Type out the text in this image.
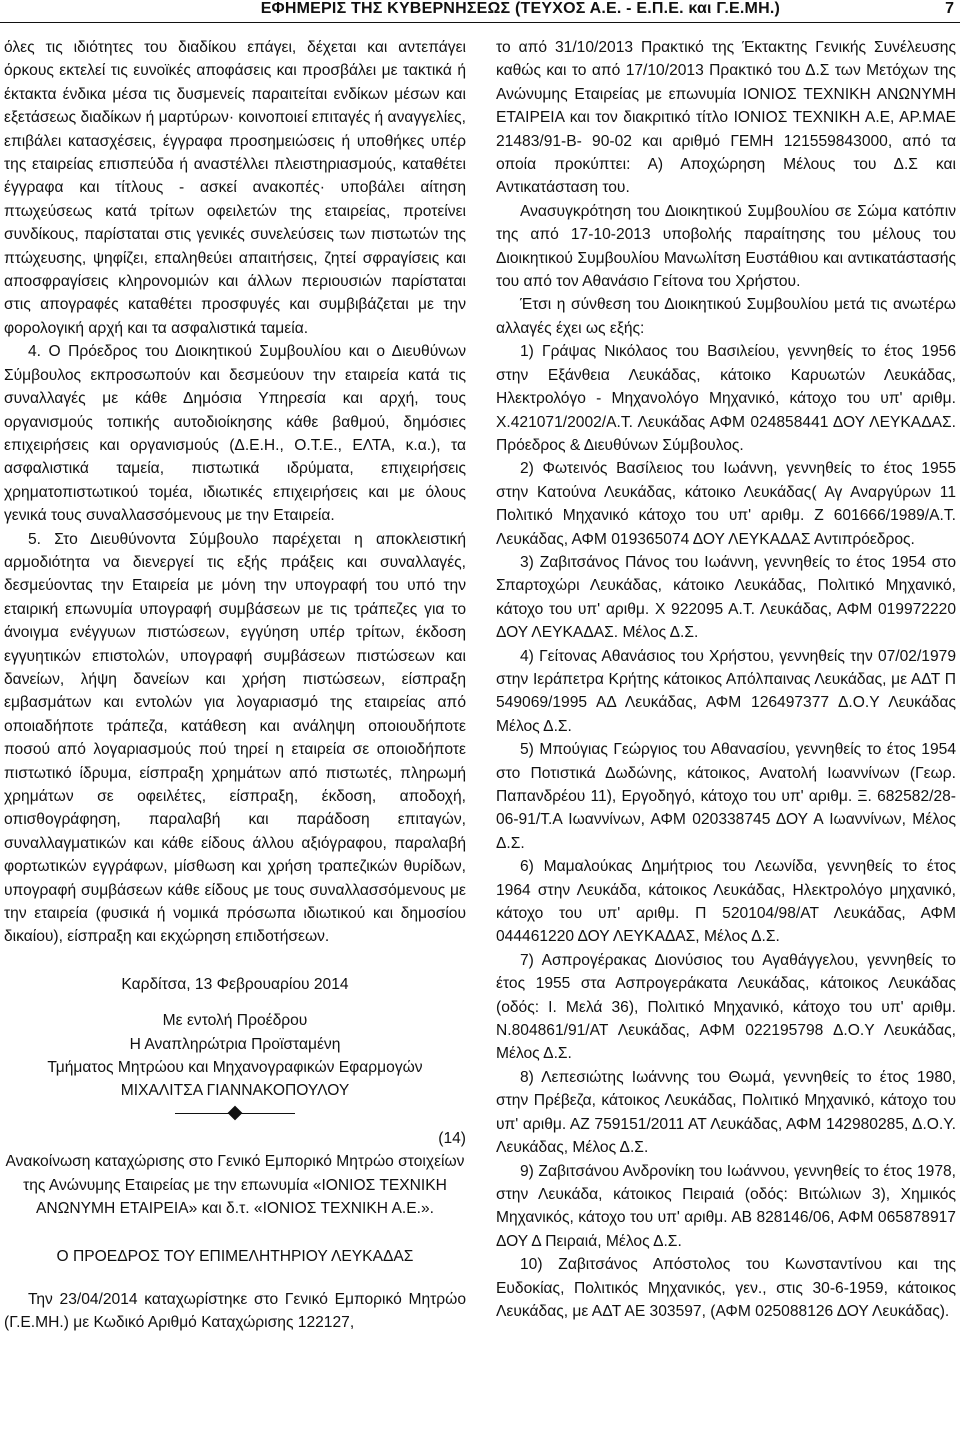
ΕΦΗΜΕΡΙΣ ΤΗΣ ΚΥΒΕΡΝΗΣΕΩΣ (ΤΕΥΧΟΣ Α.Ε. - Ε.Π.Ε. και Γ.Ε.ΜΗ.)	7

όλες τις ιδιότητες του διαδίκου επάγει, δέχεται και αντεπάγει όρκους εκτελεί τις ευνοϊκές αποφάσεις και προσβάλει με τακτικά ή έκτακτα ένδικα μέσα τις δυσμενείς παραιτείται ενδίκων μέσων και εξετάσεως διαδίκων ή μαρτύρων· κοινοποιεί επιταγές ή αναγγελίες, επιβάλει κατασχέσεις, έγγραφα προσημειώσεις ή υποθήκες υπέρ της εταιρείας επισπεύδα ή αναστέλλει πλειστηριασμούς, καταθέτει έγγραφα και τίτλους - ασκεί ανακοπές· υποβάλει αίτηση πτωχεύσεως κατά τρίτων οφειλετών της εταιρείας, προτείνει συνδίκους, παρίσταται στις γενικές συνελεύσεις των πιστωτών της πτώχευσης, ψηφίζει, επαληθεύει απαιτήσεις, ζητεί σφραγίσεις και αποσφραγίσεις κληρονομιών και άλλων περιουσιών παρίσταται στις απογραφές καταθέτει προσφυγές και συμβιβάζεται με την φορολογική αρχή και τα ασφαλιστικά ταμεία.

4. Ο Πρόεδρος του Διοικητικού Συμβουλίου και ο Διευθύνων Σύμβουλος εκπροσωπούν και δεσμεύουν την εταιρεία κατά τις συναλλαγές με κάθε Δημόσια Υπηρεσία και αρχή, τους οργανισμούς τοπικής αυτοδιοίκησης κάθε βαθμού, δημόσιες επιχειρήσεις και οργανισμούς (Δ.Ε.Η., Ο.Τ.Ε., ΕΛΤΑ, κ.α.), τα ασφαλιστικά ταμεία, πιστωτικά ιδρύματα, επιχειρήσεις χρηματοπιστωτικού τομέα, ιδιωτικές επιχειρήσεις και με όλους γενικά τους συναλλασσόμενους με την Εταιρεία.

5. Στο Διευθύνοντα Σύμβουλο παρέχεται η αποκλειστική αρμοδιότητα να διενεργεί τις εξής πράξεις και συναλλαγές, δεσμεύοντας την Εταιρεία με μόνη την υπογραφή του υπό την εταιρική επωνυμία υπογραφή συμβάσεων με τις τράπεζες για το άνοιγμα ενέγγυων πιστώσεων, εγγύηση υπέρ τρίτων, έκδοση εγγυητικών επιστολών, υπογραφή συμβάσεων πιστώσεων και δανείων, λήψη δανείων και χρήση πιστώσεων, είσπραξη εμβασμάτων και εντολών για λογαριασμό της εταιρείας από οποιαδήποτε τράπεζα, κατάθεση και ανάληψη οποιουδήποτε ποσού από λογαριασμούς πού τηρεί η εταιρεία σε οποιοδήποτε πιστωτικό ίδρυμα, είσπραξη χρημάτων από πιστωτές, πληρωμή χρημάτων σε οφειλέτες, είσπραξη, έκδοση, αποδοχή, οπισθογράφηση, παραλαβή και παράδοση επιταγών, συναλλαγματικών και κάθε είδους άλλου αξιόγραφου, παραλαβή φορτωτικών εγγράφων, μίσθωση και χρήση τραπεζικών θυρίδων, υπογραφή συμβάσεων κάθε είδους με τους συναλλασσόμενους με την εταιρεία (φυσικά ή νομικά πρόσωπα ιδιωτικού και δημοσίου δικαίου), είσπραξη και εκχώρηση επιδοτήσεων.

Καρδίτσα, 13 Φεβρουαρίου 2014

Με εντολή Προέδρου

Η Αναπληρώτρια Προϊσταμένη

Τμήματος Μητρώου και Μηχανογραφικών Εφαρμογών

ΜΙΧΑΛΙΤΣΑ ΓΙΑΝΝΑΚΟΠΟΥΛΟΥ

(14)

Ανακοίνωση καταχώρισης στο Γενικό Εμπορικό Μητρώο στοιχείων της Ανώνυμης Εταιρείας με την επωνυμία «ΙΟΝΙΟΣ ΤΕΧΝΙΚΗ ΑΝΩΝΥΜΗ ΕΤΑΙΡΕΙΑ» και δ.τ. «ΙΟΝΙΟΣ ΤΕΧΝΙΚΗ Α.Ε.».

Ο ΠΡΟΕΔΡΟΣ ΤΟΥ ΕΠΙΜΕΛΗΤΗΡΙΟΥ ΛΕΥΚΑΔΑΣ

Την 23/04/2014 καταχωρίστηκε στο Γενικό Εμπορικό Μητρώο (Γ.Ε.ΜΗ.) με Κωδικό Αριθμό Καταχώρισης 122127,

το από 31/10/2013 Πρακτικό της Έκτακτης Γενικής Συνέλευσης καθώς και το από 17/10/2013 Πρακτικό του Δ.Σ των Μετόχων της Ανώνυμης Εταιρείας με επωνυμία ΙΟΝΙΟΣ ΤΕΧΝΙΚΗ ΑΝΩΝΥΜΗ ΕΤΑΙΡΕΙΑ και τον διακριτικό τίτλο ΙΟΝΙΟΣ ΤΕΧΝΙΚΗ Α.Ε, ΑΡ.ΜΑΕ 21483/91-Β- 90-02 και αριθμό ΓΕΜΗ 121559843000, από τα οποία προκύπτει: Α) Αποχώρηση Μέλους του Δ.Σ και Αντικατάσταση του.

Ανασυγκρότηση του Διοικητικού Συμβουλίου σε Σώμα κατόπιν της από 17-10-2013 υποβολής παραίτησης του μέλους του Διοικητικού Συμβουλίου Μανωλίτση Ευστάθιου και αντικατάστασής του από τον Αθανάσιο Γείτονα του Χρήστου.

Έτσι η σύνθεση του Διοικητικού Συμβουλίου μετά τις ανωτέρω αλλαγές έχει ως εξής:

1) Γράψας Νικόλαος του Βασιλείου, γεννηθείς το έτος 1956 στην Εξάνθεια Λευκάδας, κάτοικο Καρυωτών Λευκάδας, Ηλεκτρολόγο - Μηχανολόγο Μηχανικό, κάτοχο του υπ' αριθμ. Χ.421071/2002/Α.Τ. Λευκάδας ΑΦΜ 024858441 ΔΟΥ ΛΕΥΚΑΔΑΣ. Πρόεδρος & Διευθύνων Σύμβουλος.

2) Φωτεινός Βασίλειος του Ιωάννη, γεννηθείς το έτος 1955 στην Κατούνα Λευκάδας, κάτοικο Λευκάδας( Αγ Αναργύρων 11 Πολιτικό Μηχανικό κάτοχο του υπ' αριθμ. Ζ 601666/1989/Α.Τ. Λευκάδας, ΑΦΜ 019365074 ΔΟΥ ΛΕΥΚΑΔΑΣ Αντιπρόεδρος.

3) Ζαβιτσάνος Πάνος του Ιωάννη, γεννηθείς το έτος 1954 στο Σπαρτοχώρι Λευκάδας, κάτοικο Λευκάδας, Πολιτικό Μηχανικό, κάτοχο του υπ' αριθμ. Χ 922095 Α.Τ. Λευκάδας, ΑΦΜ 019972220 ΔΟΥ ΛΕΥΚΑΔΑΣ. Μέλος Δ.Σ.

4) Γείτονας Αθανάσιος του Χρήστου, γεννηθείς την 07/02/1979 στην Ιεράπετρα Κρήτης κάτοικος Απόλπαινας Λευκάδας, με ΑΔΤ Π 549069/1995 ΑΔ Λευκάδας, ΑΦΜ 126497377 Δ.Ο.Υ Λευκάδας Μέλος Δ.Σ.

5) Μπούγιας Γεώργιος του Αθανασίου, γεννηθείς το έτος 1954 στο Ποτιστικά Δωδώνης, κάτοικος, Ανατολή Ιωαννίνων (Γεωρ. Παπανδρέου 11), Εργοδηγό, κάτοχο του υπ' αριθμ. Ξ. 682582/28-06-91/Τ.Α Ιωαννίνων, ΑΦΜ 020338745 ΔΟΥ Α Ιωαννίνων, Μέλος Δ.Σ.

6) Μαμαλούκας Δημήτριος του Λεωνίδα, γεννηθείς το έτος 1964 στην Λευκάδα, κάτοικος Λευκάδας, Ηλεκτρολόγο μηχανικό, κάτοχο του υπ' αριθμ. Π 520104/98/ΑΤ Λευκάδας, ΑΦΜ 044461220 ΔΟΥ ΛΕΥΚΑΔΑΣ, Μέλος Δ.Σ.

7) Ασπρογέρακας Διονύσιος του Αγαθάγγελου, γεννηθείς το έτος 1955 στα Ασπρογεράκατα Λευκάδας, κάτοικος Λευκάδας (οδός: Ι. Μελά 36), Πολιτικό Μηχανικό, κάτοχο του υπ' αριθμ. Ν.804861/91/ΑΤ Λευκάδας, ΑΦΜ 022195798 Δ.Ο.Υ Λευκάδας, Μέλος Δ.Σ.

8) Λεπεσιώτης Ιωάννης του Θωμά, γεννηθείς το έτος 1980, στην Πρέβεζα, κάτοικος Λευκάδας, Πολιτικό Μηχανικό, κάτοχο του υπ' αριθμ. ΑΖ 759151/2011 ΑΤ Λευκάδας, ΑΦΜ 142980285, Δ.Ο.Υ. Λευκάδας, Μέλος Δ.Σ.

9) Ζαβιτσάνου Ανδρονίκη του Ιωάννου, γεννηθείς το έτος 1978, στην Λευκάδα, κάτοικος Πειραιά (οδός: Βιτώλιων 3), Χημικός Μηχανικός, κάτοχο του υπ' αριθμ. ΑΒ 828146/06, ΑΦΜ 065878917 ΔΟΥ Δ Πειραιά, Μέλος Δ.Σ.

10) Ζαβιτσάνος Απόστολος του Κωνσταντίνου και της Ευδοκίας, Πολιτικός Μηχανικός, γεν., στις 30-6-1959, κάτοικος Λευκάδας, με ΑΔΤ ΑΕ 303597, (ΑΦΜ 025088126 ΔΟΥ Λευκάδας).
